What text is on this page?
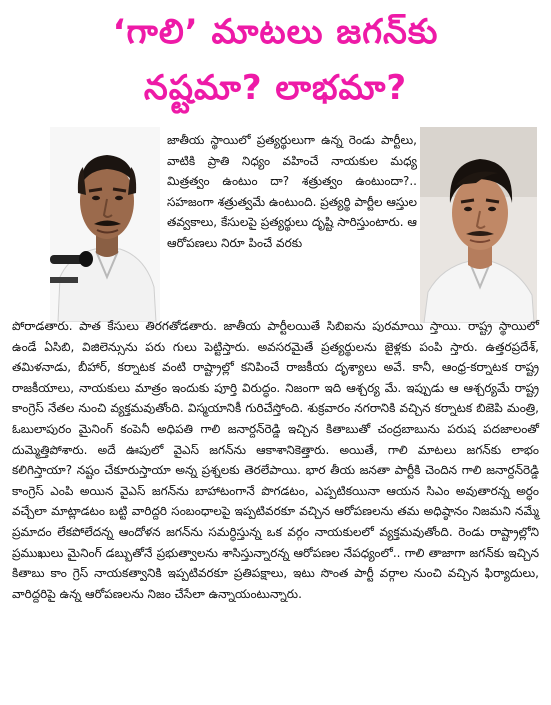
‘గాలి’ మాటలు జగన్‌కు
నష్టమా? లాభమా?

జాతీయ స్థాయిలో ప్రత్యర్థులుగా ఉన్న రెండు పార్టీలు, వాటికి ప్రాతి నిధ్యం వహించే నాయకుల మధ్య మిత్రత్వం ఉంటుం దా? శత్రుత్వం ఉంటుందా?.. సహజంగా శత్రుత్వమే ఉంటుంది. ప్రత్యర్థి పార్టీల ఆస్తుల తవ్వకాలు, కేసులపై ప్రత్యర్థులు దృష్టి సారిస్తుంటారు. ఆ ఆరోపణలు నిరూ పించే వరకు

పోరాడతారు. పాత కేసులు తిరగతోడతారు. జాతీయ పార్టీలయితే సిబిఐను పురమాయి స్తాయి. రాష్ట్ర స్థాయిలో ఉండే ఏసిబి, విజిలెన్సును పరు గులు పెట్టిస్తారు. అవసరమైతే ప్రత్యర్థులను జైళ్లకు పంపి స్తారు. ఉత్తరప్రదేశ్, తమిళనాడు, బీహార్, కర్నాటక వంటి రాష్ట్రాల్లో కనిపించే రాజకీయ దృశ్యాలు అవే. కానీ, ఆంధ్ర-కర్నాటక రాష్ట్ర రాజకీయాలు, నాయకులు మాత్రం ఇందుకు పూర్తి విరుద్ధం. నిజంగా ఇది ఆశ్చర్య మే. ఇప్పుడు ఆ ఆశ్చర్యమే రాష్ట్ర కాంగ్రెస్ నేతల నుంచి వ్యక్తమవుతోంది. విస్మయానికీ గురిచేస్తోంది. శుక్రవారం నగరానికి వచ్చిన కర్నాటక బిజెపి మంత్రి, ఓబులాపురం మైనింగ్ కంపెనీ అధిపతి గాలి జనార్దన్‌రెడ్డి ఇచ్చిన కితాబుతో చంద్రబాబును పరుష పదజాలంతో దుమ్మెత్తిపోశారు. అదే ఊపులో వైఎస్ జగన్‌ను ఆకాశానికెత్తారు. అయితే, గాలి మాటలు జగన్‌కు లాభం కలిగిస్తాయా? నష్టం చేకూరుస్తాయా అన్న ప్రశ్నలకు తెరలేపాయి. భార తీయ జనతా పార్టీకి చెందిన గాలి జనార్దన్‌రెడ్డి కాంగ్రెస్ ఎంపి అయిన వైఎస్ జగన్‌ను బాహాటంగానే పొగడటం, ఎప్పటికయినా ఆయన సిఎం అవుతారన్న అర్ధం వచ్చేలా మాట్లాడటం బట్టి వారిద్దరి సంబంధాలపై ఇప్పటివరకూ వచ్చిన ఆరోపణలను తమ అధిష్ఠానం నిజమని నమ్మే ప్రమాదం లేకపోలేదన్న ఆందోళన జగన్‌ను సమర్ధిస్తున్న ఒక వర్గం నాయకులలో వ్యక్తమవుతోంది. రెండు రాష్ట్రాల్లోని ప్రముఖులు మైనింగ్ డబ్బుతోనే ప్రభుత్వాలను శాసిస్తున్నారన్న ఆరోపణల నేపధ్యంలో.. గాలి తాజాగా జగన్‌కు ఇచ్చిన కితాబు కాం గ్రెస్ నాయకత్వానికి ఇప్పటివరకూ ప్రతిపక్షాలు, ఇటు సొంత పార్టీ వర్గాల నుంచి వచ్చిన ఫిర్యాదులు, వారిద్దరిపై ఉన్న ఆరోపణలను నిజం చేసేలా ఉన్నాయంటున్నారు.
